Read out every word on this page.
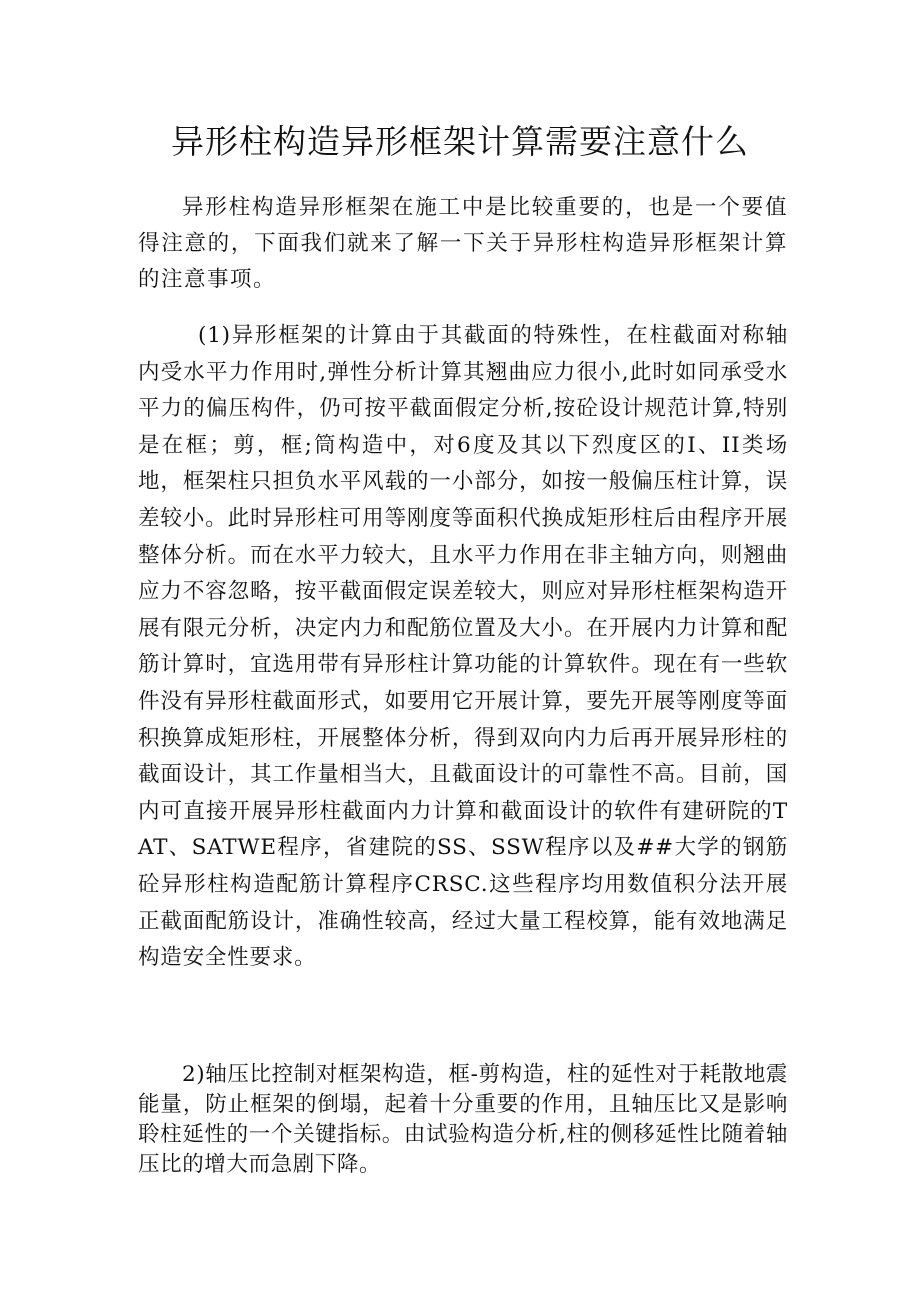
异形柱构造异形框架计算需要注意什么

异形柱构造异形框架在施工中是比较重要的，也是一个要值得注意的，下面我们就来了解一下关于异形柱构造异形框架计算的注意事项。

(1)异形框架的计算由于其截面的特殊性，在柱截面对称轴内受水平力作用时,弹性分析计算其翘曲应力很小,此时如同承受水平力的偏压构件，仍可按平截面假定分析,按砼设计规范计算,特别是在框；剪，框;筒构造中，对6度及其以下烈度区的I、II类场地，框架柱只担负水平风载的一小部分，如按一般偏压柱计算，误差较小。此时异形柱可用等刚度等面积代换成矩形柱后由程序开展整体分析。而在水平力较大，且水平力作用在非主轴方向，则翘曲应力不容忽略，按平截面假定误差较大，则应对异形柱框架构造开展有限元分析，决定内力和配筋位置及大小。在开展内力计算和配筋计算时，宜选用带有异形柱计算功能的计算软件。现在有一些软件没有异形柱截面形式，如要用它开展计算，要先开展等刚度等面积换算成矩形柱，开展整体分析，得到双向内力后再开展异形柱的截面设计，其工作量相当大，且截面设计的可靠性不高。目前，国内可直接开展异形柱截面内力计算和截面设计的软件有建研院的TAT、SATWE程序，省建院的SS、SSW程序以及##大学的钢筋砼异形柱构造配筋计算程序CRSC.这些程序均用数值积分法开展正截面配筋设计，准确性较高，经过大量工程校算，能有效地满足构造安全性要求。

2)轴压比控制对框架构造，框-剪构造，柱的延性对于耗散地震能量，防止框架的倒塌，起着十分重要的作用，且轴压比又是影响聆柱延性的一个关键指标。由试验构造分析,柱的侧移延性比随着轴压比的增大而急剧下降。
